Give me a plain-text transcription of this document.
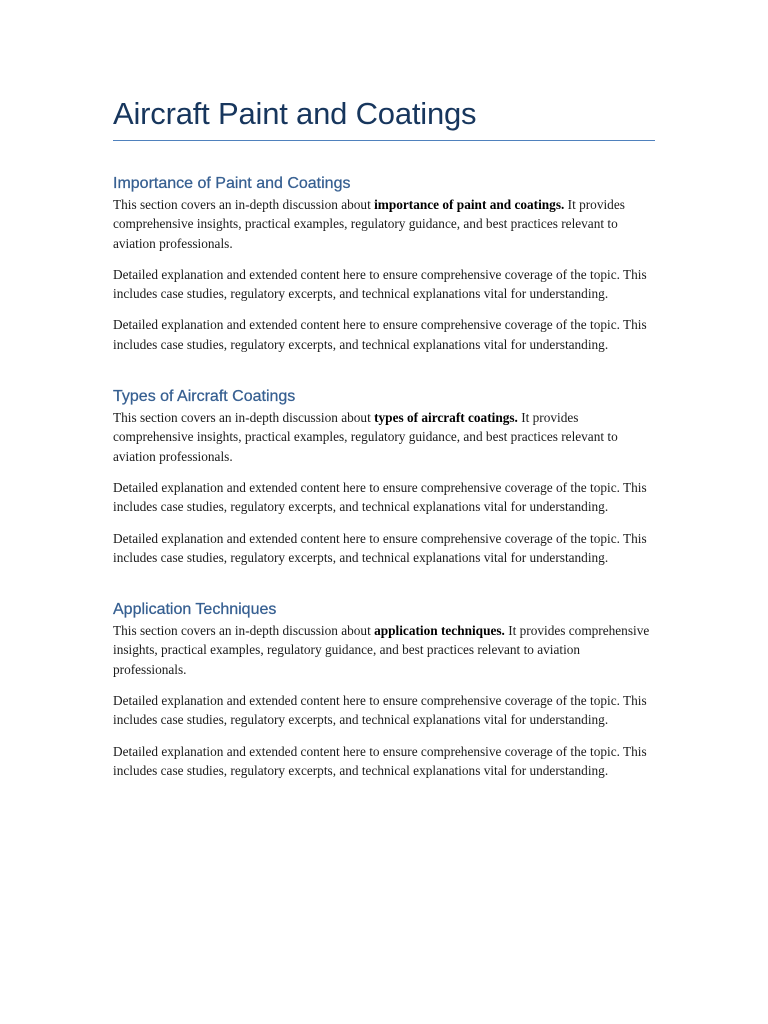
Aircraft Paint and Coatings
Importance of Paint and Coatings

This section covers an in-depth discussion about importance of paint and coatings. It provides comprehensive insights, practical examples, regulatory guidance, and best practices relevant to aviation professionals.

Detailed explanation and extended content here to ensure comprehensive coverage of the topic. This includes case studies, regulatory excerpts, and technical explanations vital for understanding.

Detailed explanation and extended content here to ensure comprehensive coverage of the topic. This includes case studies, regulatory excerpts, and technical explanations vital for understanding.

Types of Aircraft Coatings

This section covers an in-depth discussion about types of aircraft coatings. It provides comprehensive insights, practical examples, regulatory guidance, and best practices relevant to aviation professionals.

Detailed explanation and extended content here to ensure comprehensive coverage of the topic. This includes case studies, regulatory excerpts, and technical explanations vital for understanding.

Detailed explanation and extended content here to ensure comprehensive coverage of the topic. This includes case studies, regulatory excerpts, and technical explanations vital for understanding.

Application Techniques

This section covers an in-depth discussion about application techniques. It provides comprehensive insights, practical examples, regulatory guidance, and best practices relevant to aviation professionals.

Detailed explanation and extended content here to ensure comprehensive coverage of the topic. This includes case studies, regulatory excerpts, and technical explanations vital for understanding.

Detailed explanation and extended content here to ensure comprehensive coverage of the topic. This includes case studies, regulatory excerpts, and technical explanations vital for understanding.
